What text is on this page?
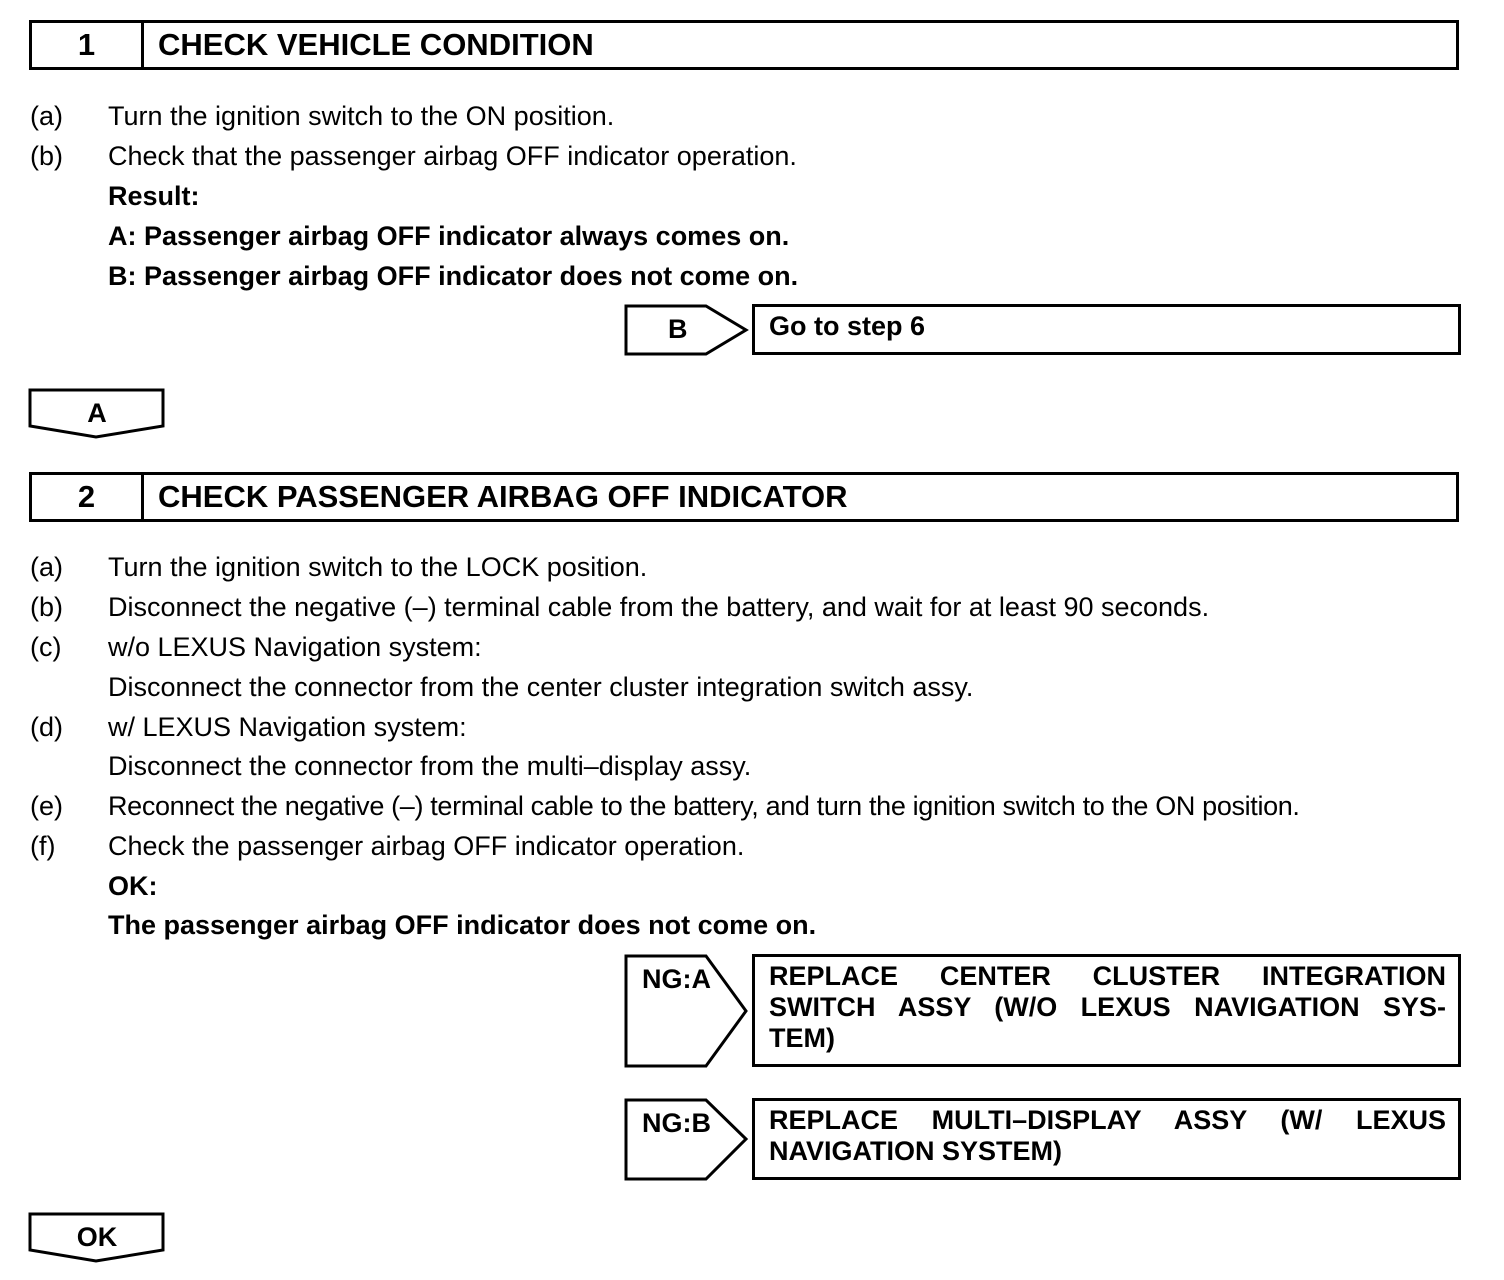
1	CHECK VEHICLE CONDITION
(a) Turn the ignition switch to the ON position.
(b) Check that the passenger airbag OFF indicator operation.
Result:
A: Passenger airbag OFF indicator always comes on.
B: Passenger airbag OFF indicator does not come on.
B	Go to step 6
A
2	CHECK PASSENGER AIRBAG OFF INDICATOR
(a) Turn the ignition switch to the LOCK position.
(b) Disconnect the negative (–) terminal cable from the battery, and wait for at least 90 seconds.
(c) w/o LEXUS Navigation system:
Disconnect the connector from the center cluster integration switch assy.
(d) w/ LEXUS Navigation system:
Disconnect the connector from the multi–display assy.
(e) Reconnect the negative (–) terminal cable to the battery, and turn the ignition switch to the ON position.
(f) Check the passenger airbag OFF indicator operation.
OK:
The passenger airbag OFF indicator does not come on.
NG:A REPLACE CENTER CLUSTER INTEGRATION
SWITCH ASSY (W/O LEXUS NAVIGATION SYS-
TEM)
NG:B REPLACE MULTI–DISPLAY ASSY (W/ LEXUS
NAVIGATION SYSTEM)
OK
